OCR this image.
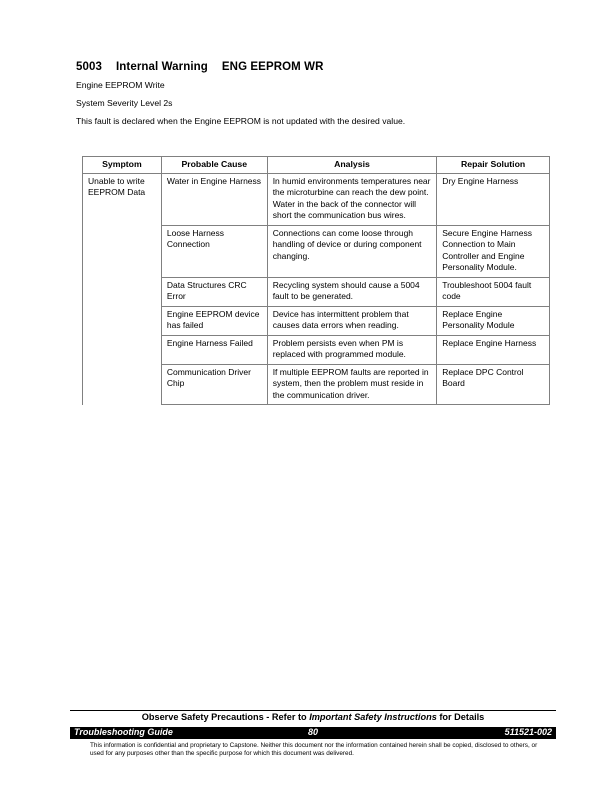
5003 Internal Warning ENG EEPROM WR
Engine EEPROM Write
System Severity Level 2s
This fault is declared when the Engine EEPROM is not updated with the desired value.
Symptom	Probable Cause	Analysis	Repair Solution
Unable to write EEPROM Data	Water in Engine Harness	In humid environments temperatures near the microturbine can reach the dew point. Water in the back of the connector will short the communication bus wires.	Dry Engine Harness
	Loose Harness Connection	Connections can come loose through handling of device or during component changing.	Secure Engine Harness Connection to Main Controller and Engine Personality Module.
	Data Structures CRC Error	Recycling system should cause a 5004 fault to be generated.	Troubleshoot 5004 fault code
	Engine EEPROM device has failed	Device has intermittent problem that causes data errors when reading.	Replace Engine Personality Module
	Engine Harness Failed	Problem persists even when PM is replaced with programmed module.	Replace Engine Harness
	Communication Driver Chip	If multiple EEPROM faults are reported in system, then the problem must reside in the communication driver.	Replace DPC Control Board
Observe Safety Precautions - Refer to Important Safety Instructions for Details
80
Troubleshooting Guide	511521-002
This information is confidential and proprietary to Capstone. Neither this document nor the information contained herein shall be copied, disclosed to others, or used for any purposes other than the specific purpose for which this document was delivered.
